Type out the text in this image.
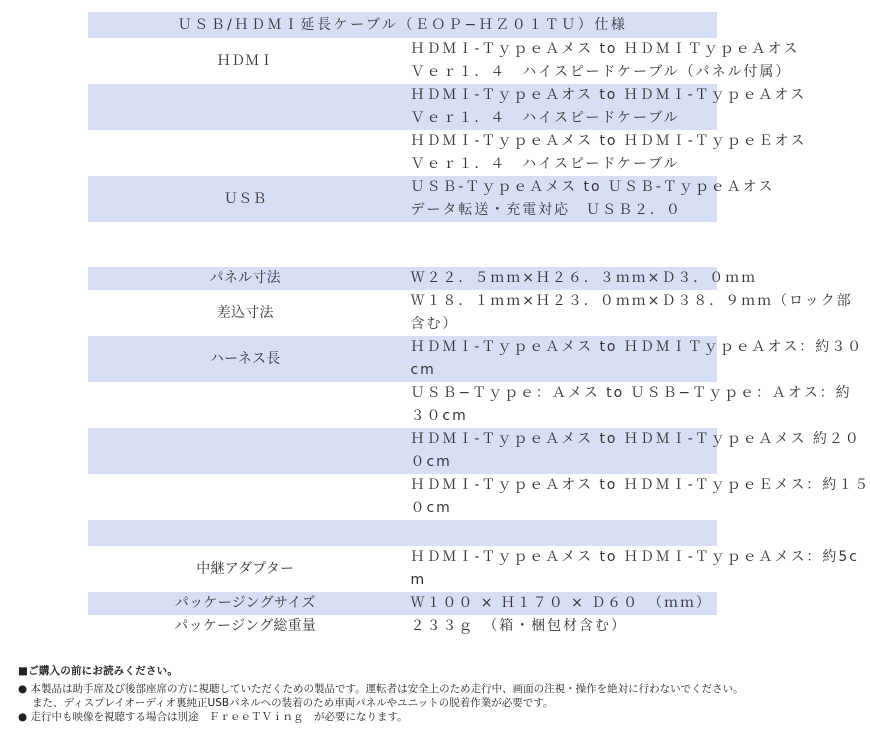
ＵＳＢ/ＨＤＭＩ延長ケーブル（ＥＯＰ−ＨＺ０１ＴＵ）仕様	
ＨＤＭＩ	ＨＤＭＩ-ＴｙｐｅＡメス to ＨＤＭＩＴｙｐｅＡオス
Ｖｅｒ１．４　ハイスピードケーブル（パネル付属）

	ＨＤＭＩ-ＴｙｐｅＡオス to ＨＤＭＩ-ＴｙｐｅＡオス
Ｖｅｒ１．４　ハイスピードケーブル

	ＨＤＭＩ-ＴｙｐｅＡメス to ＨＤＭＩ-ＴｙｐｅＥオス
Ｖｅｒ１．４　ハイスピードケーブル

ＵＳＢ	ＵＳＢ-ＴｙｐｅＡメス to ＵＳＢ-ＴｙｐｅＡオス
データ転送・充電対応　ＵＳＢ２．０

パネル寸法	Ｗ２２．５ｍｍ×Ｈ２６．３ｍｍ×Ｄ３．０ｍｍ

差込寸法	Ｗ１８．１ｍｍ×Ｈ２３．０ｍｍ×Ｄ３８．９ｍｍ（ロック部
含む）

ハーネス長	ＨＤＭＩ-ＴｙｐｅＡメス to ＨＤＭＩＴｙｐｅＡオス：約３０
cm

	ＵＳＢ−Ｔｙｐｅ：Ａメス to ＵＳＢ−Ｔｙｐｅ：Ａオス：約
３０cm

	ＨＤＭＩ-ＴｙｐｅＡメス to ＨＤＭＩ-ＴｙｐｅＡメス 約２０
０cm

	ＨＤＭＩ-ＴｙｐｅＡオス to ＨＤＭＩ-ＴｙｐｅＥメス：約１５
０cm

中継アダプター	ＨＤＭＩ-ＴｙｐｅＡメス to ＨＤＭＩ-ＴｙｐｅＡメス：約5c
m

パッケージングサイズ	Ｗ１００ × Ｈ１７０ × Ｄ６０　（ｍｍ）

パッケージング総重量	２３３ｇ　（箱・梱包材含む）
■ご購入の前にお読みください。
● 本製品は助手席及び後部座席の方に視聴していただくための製品です。運転者は安全上のため走行中、画面の注視・操作を絶対に行わないでください。
また、ディスプレイオーディオ裏純正USBパネルへの装着のため車両パネルやユニットの脱着作業が必要です。
● 走行中も映像を視聴する場合は別途　ＦｒｅｅＴＶｉｎｇ　が必要になります。
